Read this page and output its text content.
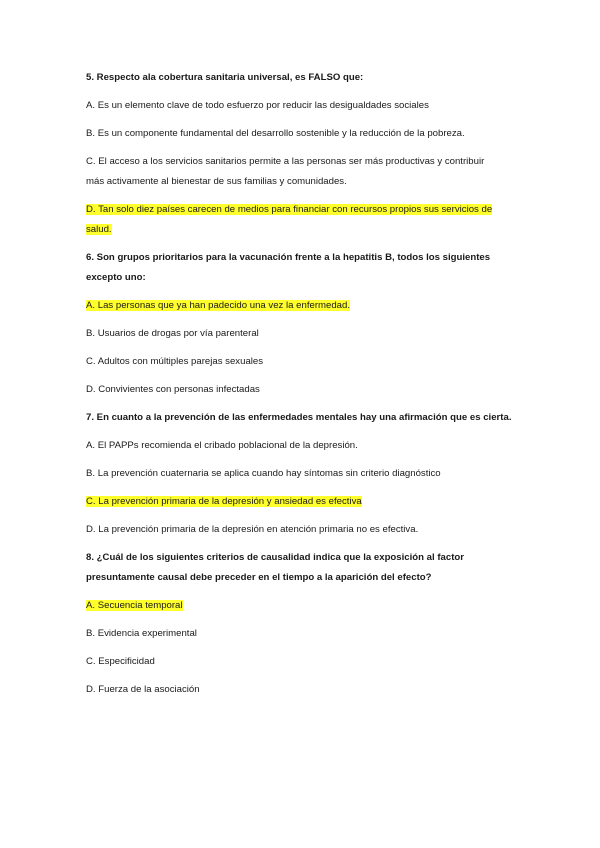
5. Respecto ala cobertura sanitaria universal, es FALSO que:
A. Es un elemento clave de todo esfuerzo por reducir las desigualdades sociales
B. Es un componente fundamental del desarrollo sostenible y la reducción de la pobreza.
C. El acceso a los servicios sanitarios permite a las personas ser más productivas y contribuir
más activamente al bienestar de sus familias y comunidades.
D. Tan solo diez países carecen de medios para financiar con recursos propios sus servicios de
salud.
6. Son grupos prioritarios para la vacunación frente a la hepatitis B, todos los siguientes
excepto uno:
A. Las personas que ya han padecido una vez la enfermedad.
B. Usuarios de drogas por vía parenteral
C. Adultos con múltiples parejas sexuales
D. Convivientes con personas infectadas
7. En cuanto a la prevención de las enfermedades mentales hay una afirmación que es cierta.
A. El PAPPs recomienda el cribado poblacional de la depresión.
B. La prevención cuaternaria se aplica cuando hay síntomas sin criterio diagnóstico
C. La prevención primaria de la depresión y ansiedad es efectiva
D. La prevención primaria de la depresión en atención primaria no es efectiva.
8. ¿Cuál de los siguientes criterios de causalidad indica que la exposición al factor
presuntamente causal debe preceder en el tiempo a la aparición del efecto?
A. Secuencia temporal
B. Evidencia experimental
C. Especificidad
D. Fuerza de la asociación
